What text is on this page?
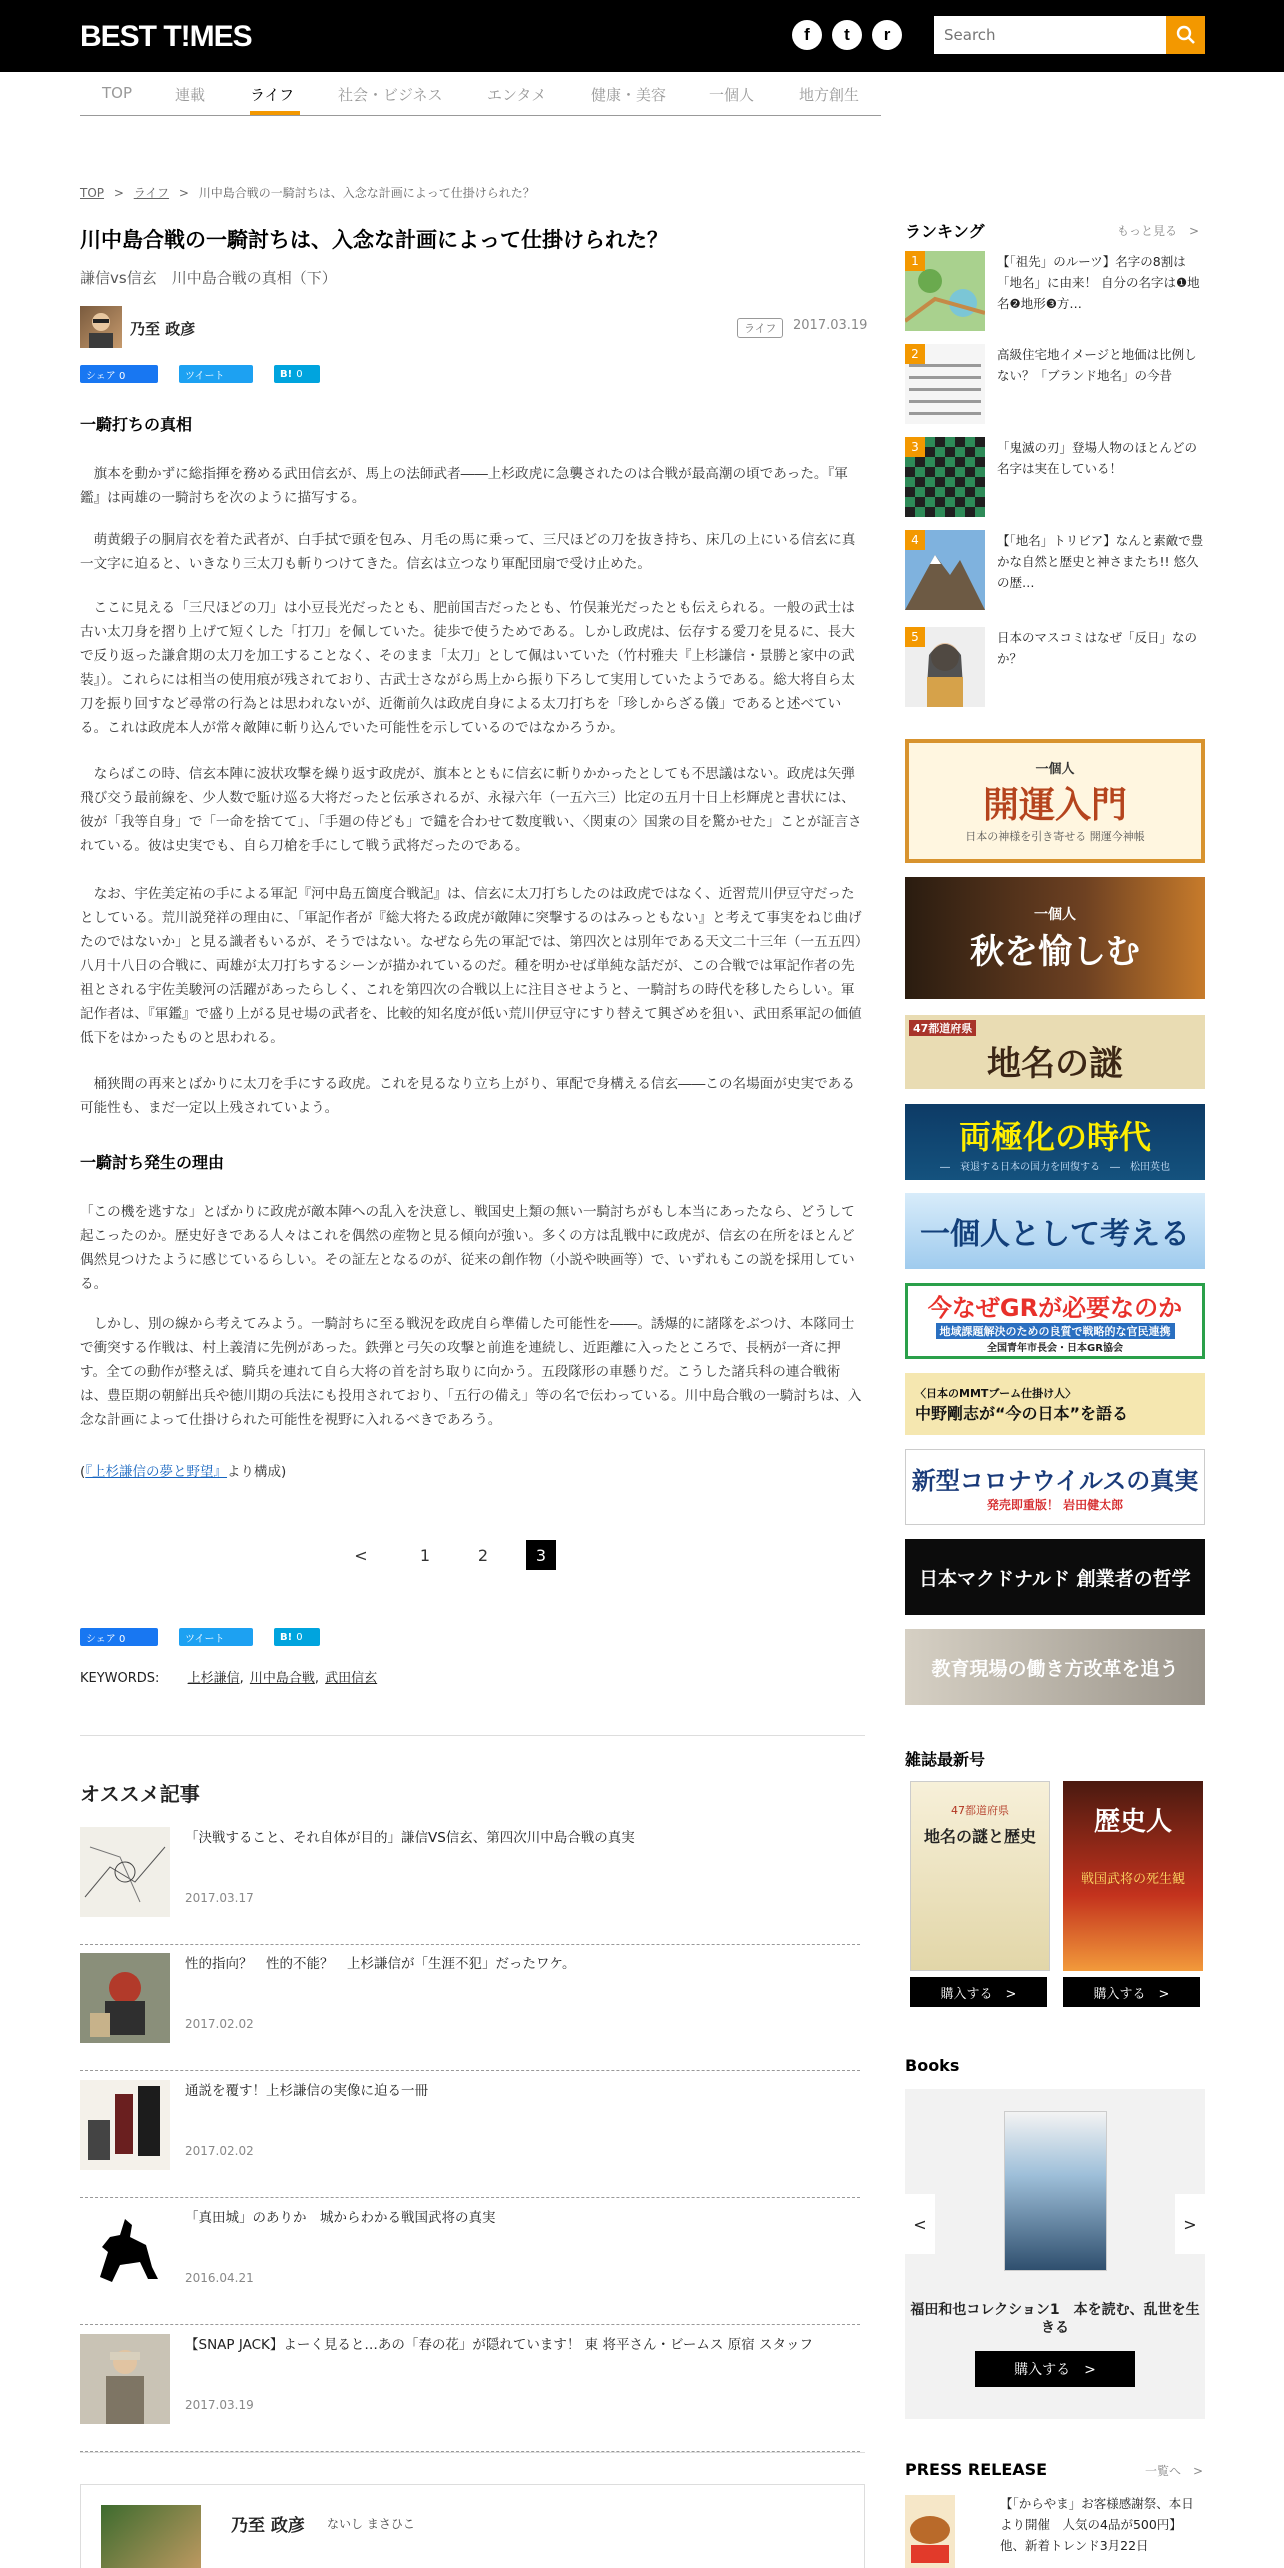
BEST T!MES	f	t	r
Search
TOP	連載	ライフ	社会・ビジネス	エンタメ	健康・美容	一個人	地方創生
TOP > ライフ > 川中島合戦の一騎討ちは、入念な計画によって仕掛けられた？
川中島合戦の一騎討ちは、入念な計画によって仕掛けられた？
謙信vs信玄　川中島合戦の真相（下）
乃至 政彦	ライフ	2017.03.19
シェア 0	ツイート	B! 0
一騎打ちの真相

　旗本を動かずに総指揮を務める武田信玄が、馬上の法師武者――上杉政虎に急襲されたのは合戦が最高潮の頃であった。『軍鑑』は両雄の一騎討ちを次のように描写する。

　萌黄緞子の胴肩衣を着た武者が、白手拭で頭を包み、月毛の馬に乗って、三尺ほどの刀を抜き持ち、床几の上にいる信玄に真一文字に迫ると、いきなり三太刀も斬りつけてきた。信玄は立つなり軍配団扇で受け止めた。

　ここに見える「三尺ほどの刀」は小豆長光だったとも、肥前国吉だったとも、竹俣兼光だったとも伝えられる。一般の武士は古い太刀身を摺り上げて短くした「打刀」を佩していた。徒歩で使うためである。しかし政虎は、伝存する愛刀を見るに、長大で反り返った謙倉期の太刀を加工することなく、そのまま「太刀」として佩はいていた（竹村雅夫『上杉謙信・景勝と家中の武装』）。これらには相当の使用痕が残されており、古武士さながら馬上から振り下ろして実用していたようである。総大将自ら太刀を振り回すなど尋常の行為とは思われないが、近衛前久は政虎自身による太刀打ちを「珍しからざる儀」であると述べている。これは政虎本人が常々敵陣に斬り込んでいた可能性を示しているのではなかろうか。

　ならばこの時、信玄本陣に波状攻撃を繰り返す政虎が、旗本とともに信玄に斬りかかったとしても不思議はない。政虎は矢弾飛び交う最前線を、少人数で駈け巡る大将だったと伝承されるが、永禄六年（一五六三）比定の五月十日上杉輝虎と書状には、彼が「我等自身」で「一命を捨てて」、「手廻の侍ども」で鑓を合わせて数度戦い、〈関東の〉国衆の目を驚かせた」ことが証言されている。彼は史実でも、自ら刀槍を手にして戦う武将だったのである。

　なお、宇佐美定祐の手による軍記『河中島五箇度合戦記』は、信玄に太刀打ちしたのは政虎ではなく、近習荒川伊豆守だったとしている。荒川説発祥の理由に、「軍記作者が『総大将たる政虎が敵陣に突撃するのはみっともない』と考えて事実をねじ曲げたのではないか」と見る識者もいるが、そうではない。なぜなら先の軍記では、第四次とは別年である天文二十三年（一五五四）八月十八日の合戦に、両雄が太刀打ちするシーンが描かれているのだ。種を明かせば単純な話だが、この合戦では軍記作者の先祖とされる宇佐美駿河の活躍があったらしく、これを第四次の合戦以上に注目させようと、一騎討ちの時代を移したらしい。軍記作者は、『軍鑑』で盛り上がる見せ場の武者を、比較的知名度が低い荒川伊豆守にすり替えて興ざめを狙い、武田系軍記の価値低下をはかったものと思われる。

　桶狭間の再来とばかりに太刀を手にする政虎。これを見るなり立ち上がり、軍配で身構える信玄――この名場面が史実である可能性も、まだ一定以上残されていよう。

一騎討ち発生の理由

「この機を逃すな」とばかりに政虎が敵本陣への乱入を決意し、戦国史上類の無い一騎討ちがもし本当にあったなら、どうして起こったのか。歴史好きである人々はこれを偶然の産物と見る傾向が強い。多くの方は乱戦中に政虎が、信玄の在所をほとんど偶然見つけたように感じているらしい。その証左となるのが、従来の創作物（小説や映画等）で、いずれもこの説を採用している。

　しかし、別の線から考えてみよう。一騎討ちに至る戦況を政虎自ら準備した可能性を――。誘爆的に諸隊をぶつけ、本隊同士で衝突する作戦は、村上義清に先例があった。鉄弾と弓矢の攻撃と前進を連続し、近距離に入ったところで、長柄が一斉に押す。全ての動作が整えば、騎兵を連れて自ら大将の首を討ち取りに向かう。五段隊形の車懸りだ。こうした諸兵科の連合戦術は、豊臣期の朝鮮出兵や徳川期の兵法にも投用されており、「五行の備え」等の名で伝わっている。川中島合戦の一騎討ちは、入念な計画によって仕掛けられた可能性を視野に入れるべきであろう。

(『上杉謙信の夢と野望』より構成)
<	1	2	3
シェア 0	ツイート	B! 0
KEYWORDS: 上杉謙信, 川中島合戦, 武田信玄
オススメ記事
「決戦すること、それ自体が目的」謙信VS信玄、第四次川中島合戦の真実
2017.03.17
性的指向？　性的不能？　上杉謙信が「生涯不犯」だったワケ。
2017.02.02
通説を覆す！上杉謙信の実像に迫る一冊
2017.02.02
「真田城」のありか　城からわかる戦国武将の真実
2016.04.21
【SNAP JACK】よーく見ると…あの「春の花」が隠れています！ 東 将平さん・ビームス 原宿 スタッフ
2017.03.19
乃至 政彦 ないし まさひこ
ランキング	もっと見る　>
1	【「祖先」のルーツ】名字の8割は「地名」に由来！ 自分の名字は❶地名❷地形❸方…
2	高級住宅地イメージと地価は比例しない？「ブランド地名」の今昔
3	「鬼滅の刃」登場人物のほとんどの名字は実在している！
4	【「地名」トリビア】なんと素敵で豊かな自然と歴史と神さまたち!! 悠久の歴…
5	日本のマスコミはなぜ「反日」なのか？
一個人
開運入門
日本の神様を引き寄せる 開運今神帳
一個人
秋を愉しむ
47都道府県
地名の謎
両極化の時代
―　衰退する日本の国力を回復する　―　松田英也
一個人として考える
今なぜGRが必要なのか
地域課題解決のための良質で戦略的な官民連携
全国青年市長会・日本GR協会
〈日本のMMTブーム仕掛け人〉
中野剛志が“今の日本”を語る
新型コロナウイルスの真実
発売即重版！ 岩田健太郎
日本マクドナルド 創業者の哲学
教育現場の働き方改革を追う
雑誌最新号
47都道府県
地名の謎と歴史 歴史人
戦国武将の死生観
購入する　>	購入する　>
Books
<	>
福田和也コレクション1　本を読む、乱世を生きる
購入する　>
PRESS RELEASE	一覧へ　>
【「からやま」お客様感謝祭、本日より開催　人気の4品が500円】他、新着トレンド3月22日
